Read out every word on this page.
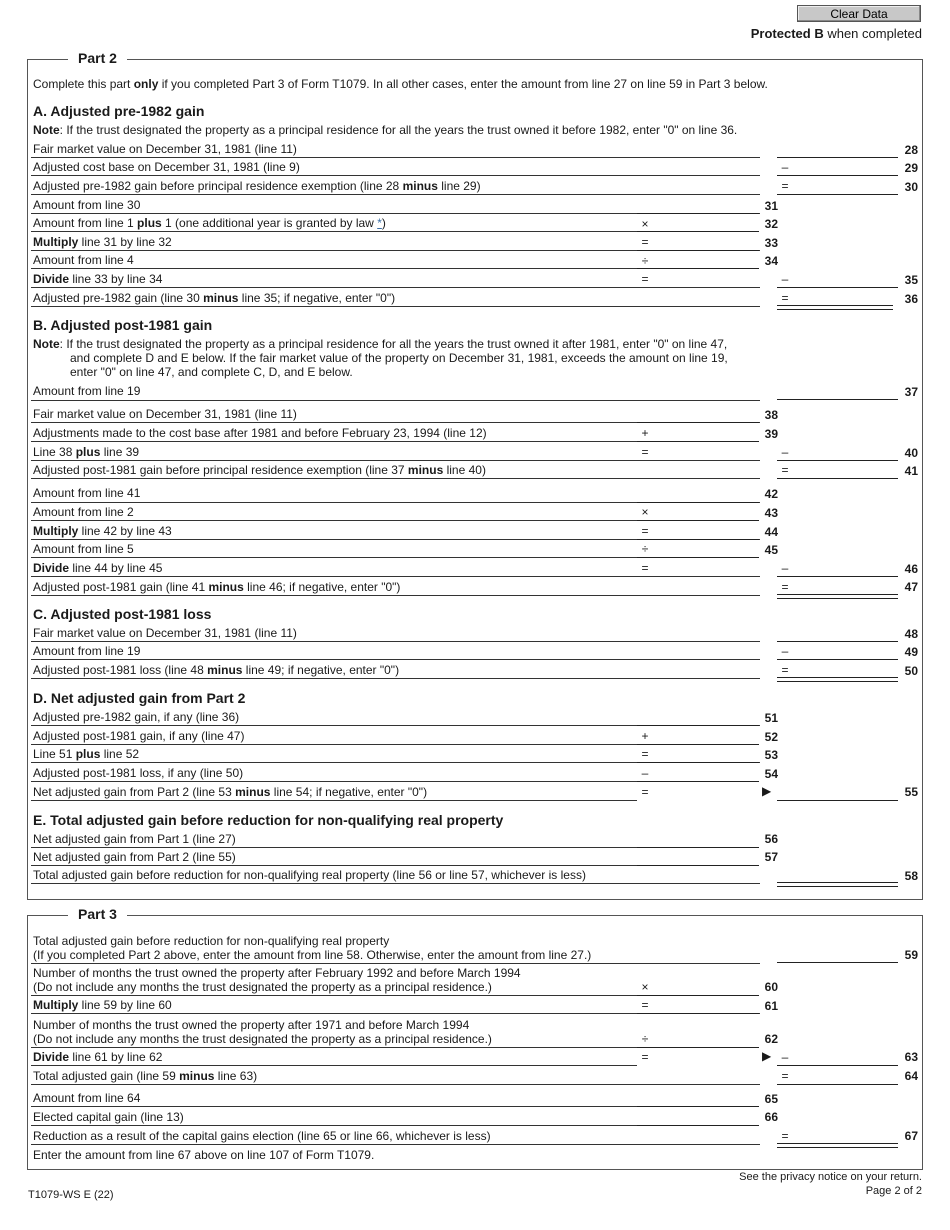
Clear Data
Protected B when completed
Part 2
Complete this part only if you completed Part 3 of Form T1079. In all other cases, enter the amount from line 27 on line 59 in Part 3 below.
A. Adjusted pre-1982 gain
Note: If the trust designated the property as a principal residence for all the years the trust owned it before 1982, enter "0" on line 36.
Fair market value on December 31, 1981 (line 11)	28
Adjusted cost base on December 31, 1981 (line 9)	–	29
Adjusted pre-1982 gain before principal residence exemption (line 28 minus line 29)	=	30
Amount from line 30	31
Amount from line 1 plus 1 (one additional year is granted by law *)	×	32
Multiply line 31 by line 32	=	33
Amount from line 4	÷	34
Divide line 33 by line 34	=	–	35
Adjusted pre-1982 gain (line 30 minus line 35; if negative, enter "0")	=	36
B. Adjusted post-1981 gain
Note: If the trust designated the property as a principal residence for all the years the trust owned it after 1981, enter "0" on line 47,
and complete D and E below. If the fair market value of the property on December 31, 1981, exceeds the amount on line 19,
enter "0" on line 47, and complete C, D, and E below.
Amount from line 19	37
Fair market value on December 31, 1981 (line 11)	38
Adjustments made to the cost base after 1981 and before February 23, 1994 (line 12)	+	39
Line 38 plus line 39	=	–	40
Adjusted post-1981 gain before principal residence exemption (line 37 minus line 40)	=	41
Amount from line 41	42
Amount from line 2	×	43
Multiply line 42 by line 43	=	44
Amount from line 5	÷	45
Divide line 44 by line 45	=	–	46
Adjusted post-1981 gain (line 41 minus line 46; if negative, enter "0")	=	47
C. Adjusted post-1981 loss
Fair market value on December 31, 1981 (line 11)	48
Amount from line 19	–	49
Adjusted post-1981 loss (line 48 minus line 49; if negative, enter "0")	=	50
D. Net adjusted gain from Part 2
Adjusted pre-1982 gain, if any (line 36)	51
Adjusted post-1981 gain, if any (line 47)	+	52
Line 51 plus line 52	=	53
Adjusted post-1981 loss, if any (line 50)	–	54
Net adjusted gain from Part 2 (line 53 minus line 54; if negative, enter "0")	=	▶	55
E. Total adjusted gain before reduction for non-qualifying real property
Net adjusted gain from Part 1 (line 27)	56
Net adjusted gain from Part 2 (line 55)	57
Total adjusted gain before reduction for non-qualifying real property (line 56 or line 57, whichever is less)	58
Part 3
Total adjusted gain before reduction for non-qualifying real property
(If you completed Part 2 above, enter the amount from line 58. Otherwise, enter the amount from line 27.)	59
Number of months the trust owned the property after February 1992 and before March 1994
(Do not include any months the trust designated the property as a principal residence.)	×	60
Multiply line 59 by line 60	=	61
Number of months the trust owned the property after 1971 and before March 1994
(Do not include any months the trust designated the property as a principal residence.)	÷	62
Divide line 61 by line 62	=	▶ –	63
Total adjusted gain (line 59 minus line 63)	=	64
Amount from line 64	65
Elected capital gain (line 13)	66
Reduction as a result of the capital gains election (line 65 or line 66, whichever is less)	=	67
Enter the amount from line 67 above on line 107 of Form T1079.
T1079-WS E (22)
See the privacy notice on your return.
Page 2 of 2
